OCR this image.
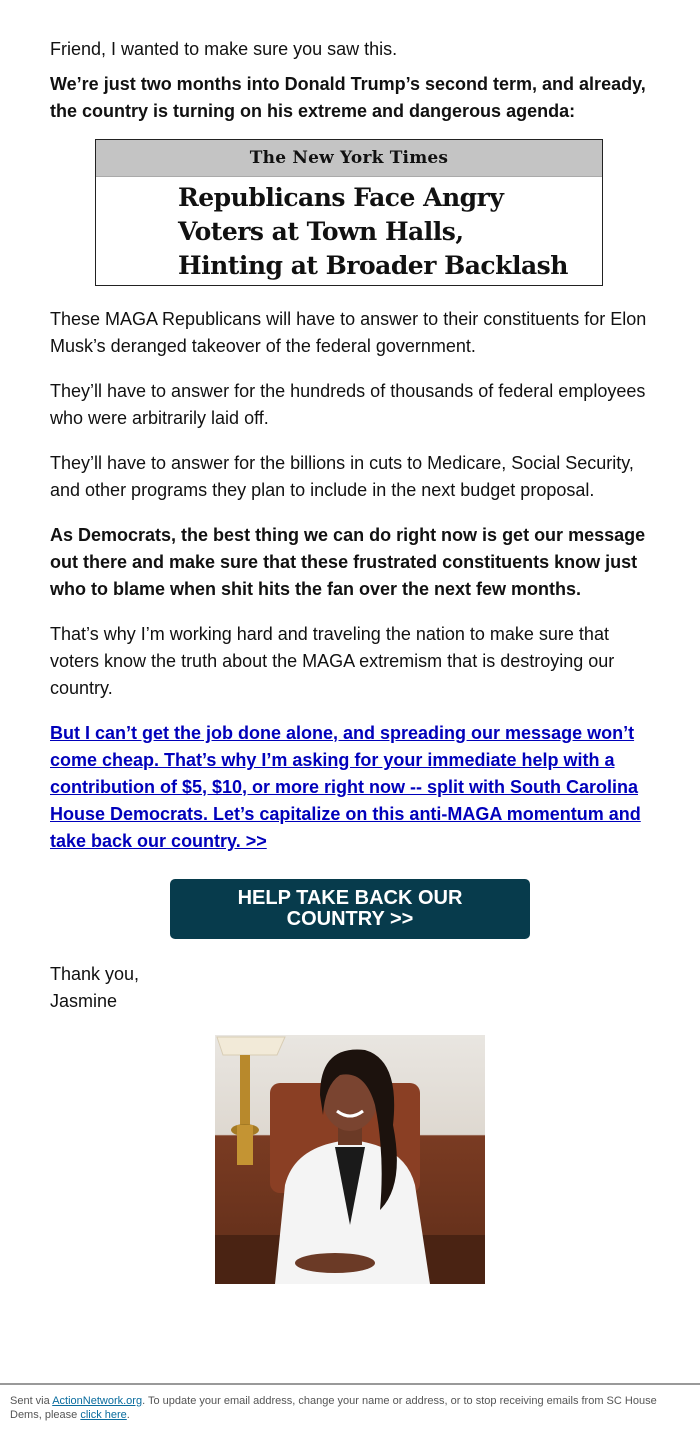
Friend, I wanted to make sure you saw this.

We’re just two months into Donald Trump’s second term, and already, the country is turning on his extreme and dangerous agenda:

The New York Times
Republicans Face Angry
Voters at Town Halls,
Hinting at Broader Backlash

These MAGA Republicans will have to answer to their constituents for Elon Musk’s deranged takeover of the federal government.

They’ll have to answer for the hundreds of thousands of federal employees who were arbitrarily laid off.

They’ll have to answer for the billions in cuts to Medicare, Social Security, and other programs they plan to include in the next budget proposal.

As Democrats, the best thing we can do right now is get our message out there and make sure that these frustrated constituents know just who to blame when shit hits the fan over the next few months.

That’s why I’m working hard and traveling the nation to make sure that voters know the truth about the MAGA extremism that is destroying our country.

But I can’t get the job done alone, and spreading our message won’t come cheap. That’s why I’m asking for your immediate help with a contribution of $5, $10, or more right now -- split with South Carolina House Democrats. Let’s capitalize on this anti-MAGA momentum and take back our country. >>

HELP TAKE BACK OUR COUNTRY >>

Thank you,

Jasmine

Sent via ActionNetwork.org. To update your email address, change your name or address, or to stop receiving emails from SC House Dems, please click here.
